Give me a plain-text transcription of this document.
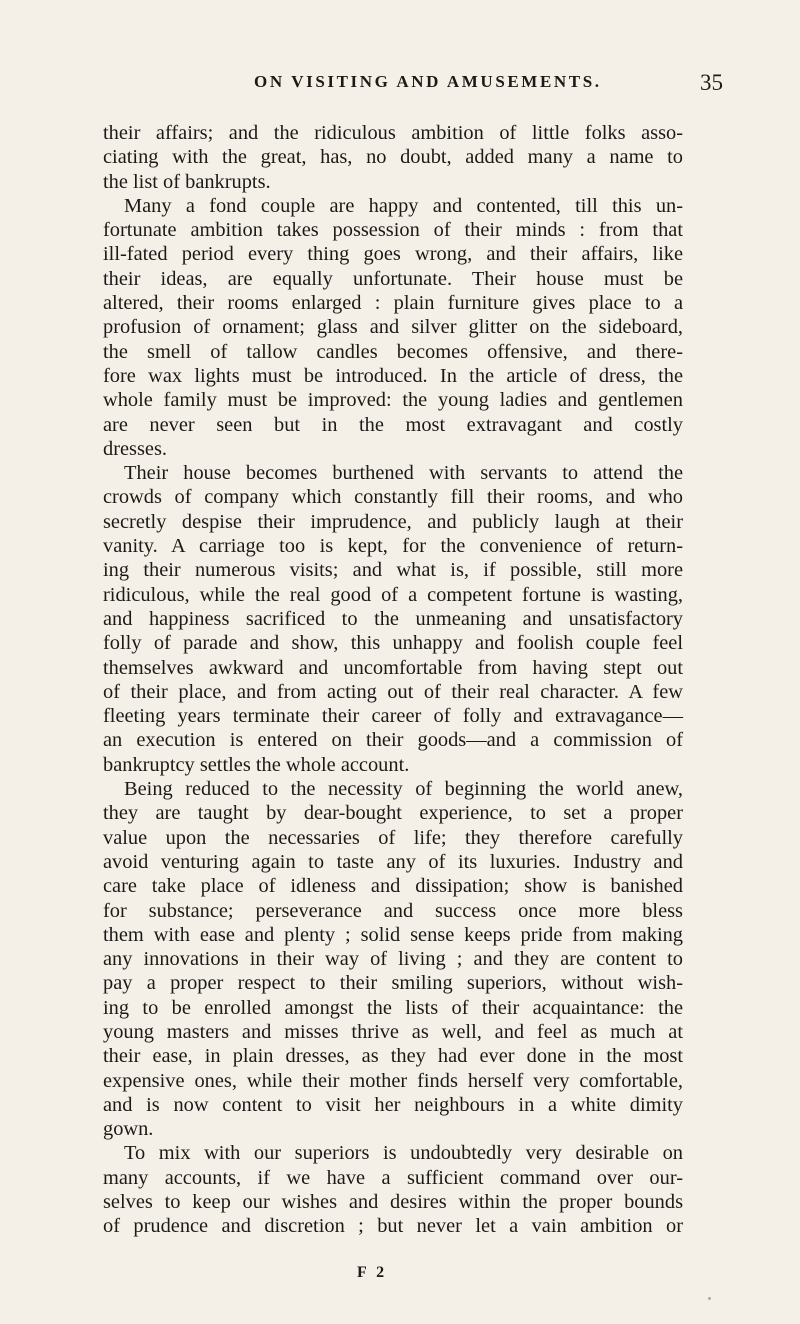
ON VISITING AND AMUSEMENTS.	35
their affairs; and the ridiculous ambition of little folks asso-
ciating with the great, has, no doubt, added many a name to
the list of bankrupts.
Many a fond couple are happy and contented, till this un-
fortunate ambition takes possession of their minds : from that
ill-fated period every thing goes wrong, and their affairs, like
their ideas, are equally unfortunate. Their house must be
altered, their rooms enlarged : plain furniture gives place to a
profusion of ornament; glass and silver glitter on the sideboard,
the smell of tallow candles becomes offensive, and there-
fore wax lights must be introduced. In the article of dress, the
whole family must be improved: the young ladies and gentlemen
are never seen but in the most extravagant and costly
dresses.
Their house becomes burthened with servants to attend the
crowds of company which constantly fill their rooms, and who
secretly despise their imprudence, and publicly laugh at their
vanity. A carriage too is kept, for the convenience of return-
ing their numerous visits; and what is, if possible, still more
ridiculous, while the real good of a competent fortune is wasting,
and happiness sacrificed to the unmeaning and unsatisfactory
folly of parade and show, this unhappy and foolish couple feel
themselves awkward and uncomfortable from having stept out
of their place, and from acting out of their real character. A few
fleeting years terminate their career of folly and extravagance—
an execution is entered on their goods—and a commission of
bankruptcy settles the whole account.
Being reduced to the necessity of beginning the world anew,
they are taught by dear-bought experience, to set a proper
value upon the necessaries of life; they therefore carefully
avoid venturing again to taste any of its luxuries. Industry and
care take place of idleness and dissipation; show is banished
for substance; perseverance and success once more bless
them with ease and plenty ; solid sense keeps pride from making
any innovations in their way of living ; and they are content to
pay a proper respect to their smiling superiors, without wish-
ing to be enrolled amongst the lists of their acquaintance: the
young masters and misses thrive as well, and feel as much at
their ease, in plain dresses, as they had ever done in the most
expensive ones, while their mother finds herself very comfortable,
and is now content to visit her neighbours in a white dimity
gown.
To mix with our superiors is undoubtedly very desirable on
many accounts, if we have a sufficient command over our-
selves to keep our wishes and desires within the proper bounds
of prudence and discretion ; but never let a vain ambition or
F 2
